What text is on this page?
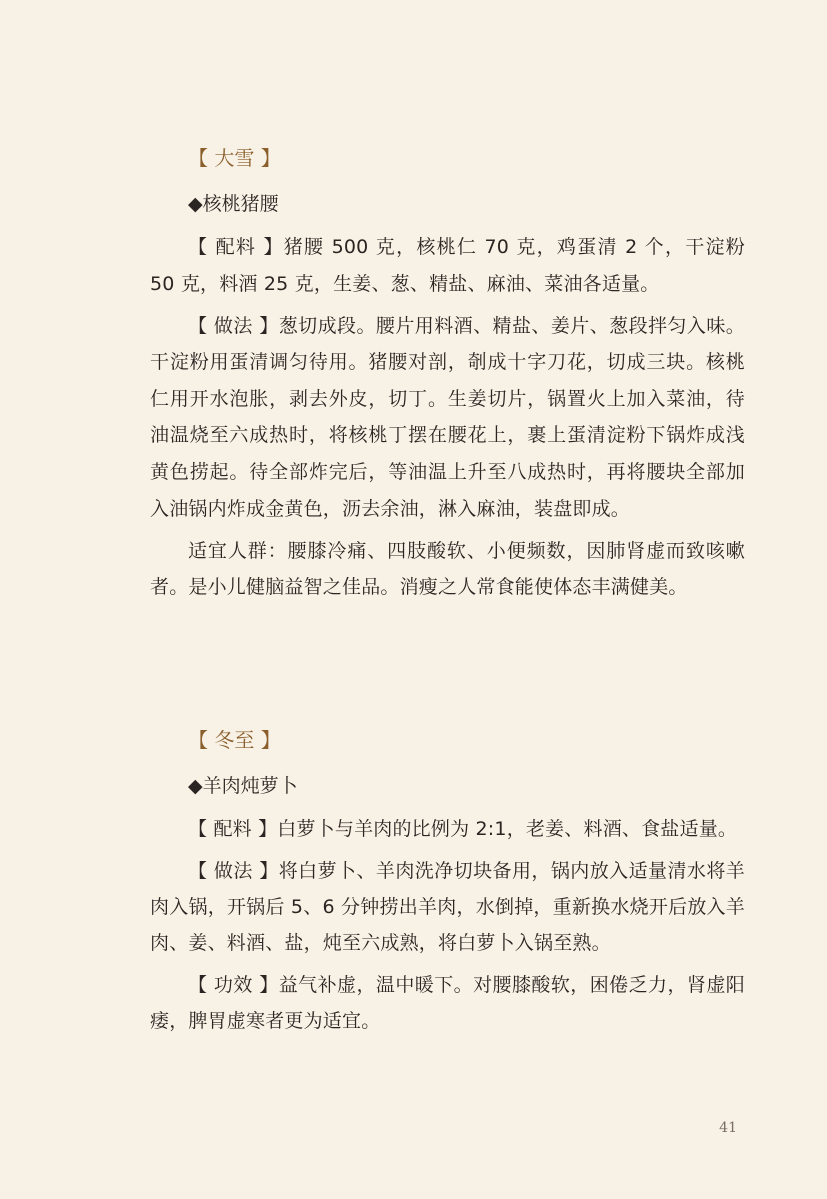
【 大雪 】
◆核桃猪腰

【 配料 】猪腰 500 克，核桃仁 70 克，鸡蛋清 2 个，干淀粉 50 克，料酒 25 克，生姜、葱、精盐、麻油、菜油各适量。

【 做法 】葱切成段。腰片用料酒、精盐、姜片、葱段拌匀入味。干淀粉用蛋清调匀待用。猪腰对剖，剞成十字刀花，切成三块。核桃仁用开水泡胀，剥去外皮，切丁。生姜切片，锅置火上加入菜油，待油温烧至六成热时，将核桃丁摆在腰花上，裹上蛋清淀粉下锅炸成浅黄色捞起。待全部炸完后，等油温上升至八成热时，再将腰块全部加入油锅内炸成金黄色，沥去余油，淋入麻油，装盘即成。

适宜人群：腰膝冷痛、四肢酸软、小便频数，因肺肾虚而致咳嗽者。是小儿健脑益智之佳品。消瘦之人常食能使体态丰满健美。

【 冬至 】
◆羊肉炖萝卜

【 配料 】白萝卜与羊肉的比例为 2:1，老姜、料酒、食盐适量。

【 做法 】将白萝卜、羊肉洗净切块备用，锅内放入适量清水将羊肉入锅，开锅后 5、6 分钟捞出羊肉，水倒掉，重新换水烧开后放入羊肉、姜、料酒、盐，炖至六成熟，将白萝卜入锅至熟。

【 功效 】益气补虚，温中暖下。对腰膝酸软，困倦乏力，肾虚阳痿，脾胃虚寒者更为适宜。

41
